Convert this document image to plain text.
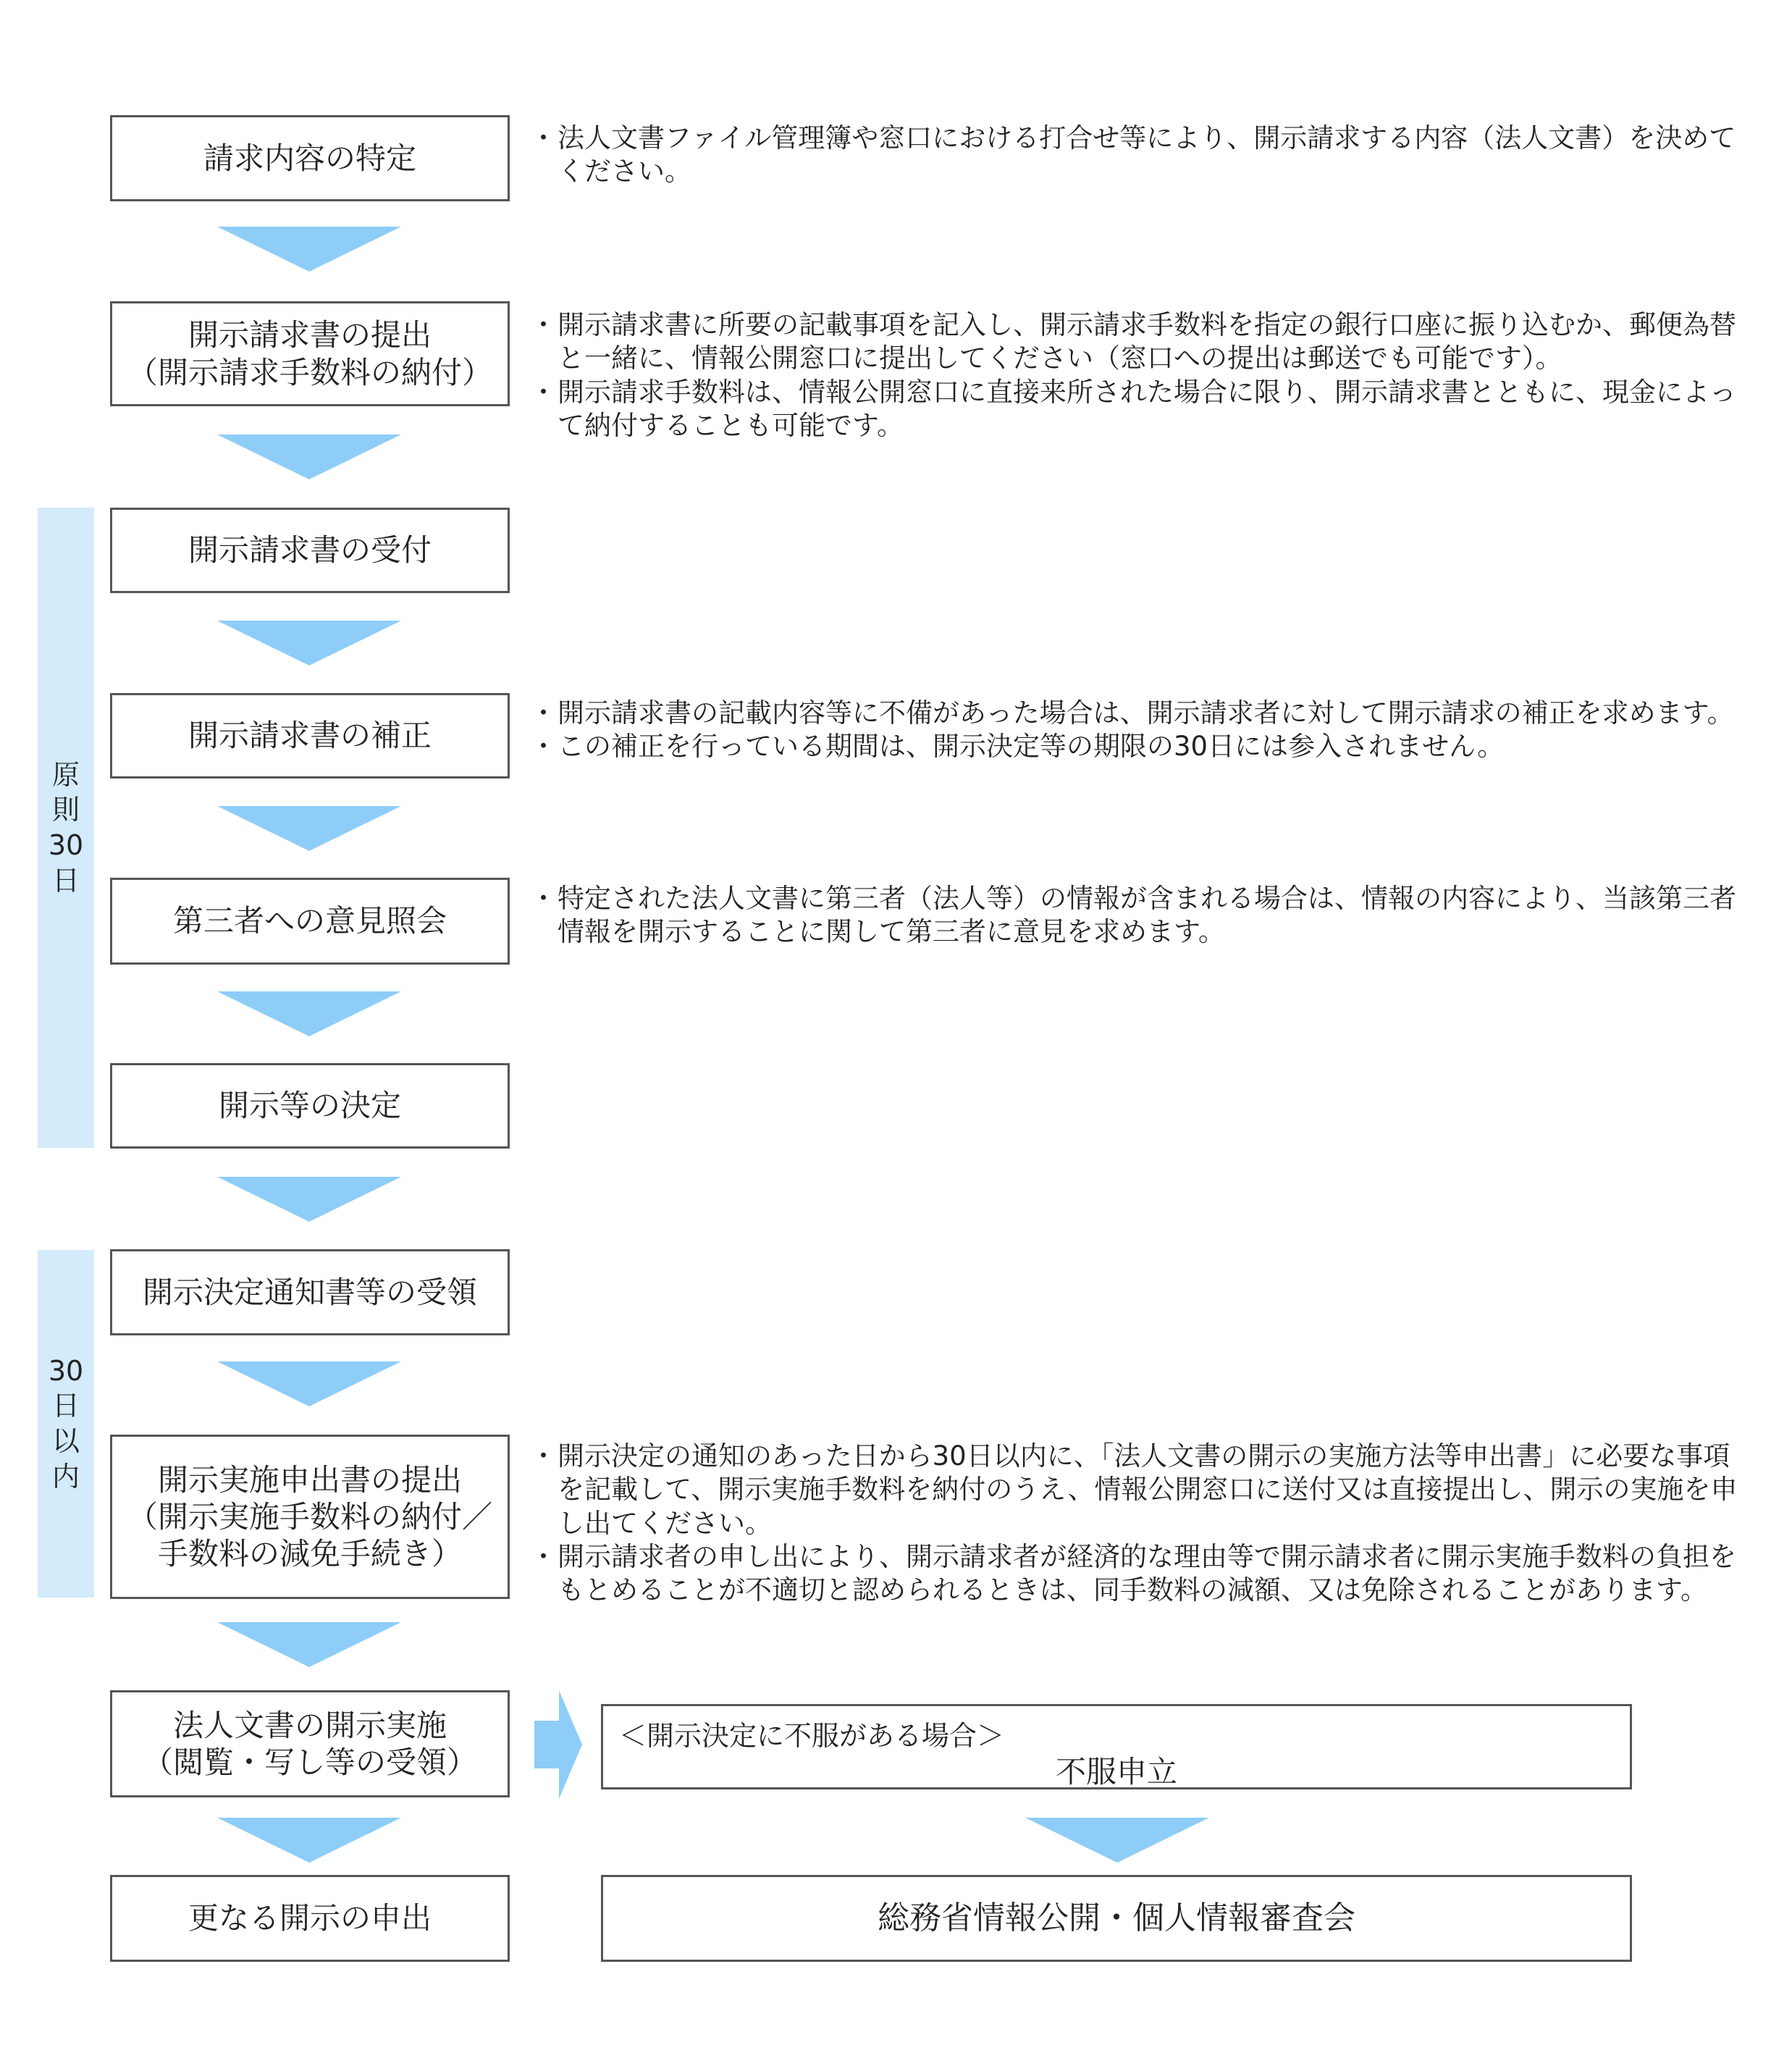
原
則
30
日
30
日
以
内
請求内容の特定
開示請求書の提出
（開示請求手数料の納付）
開示請求書の受付
開示請求書の補正
第三者への意見照会
開示等の決定
開示決定通知書等の受領
開示実施申出書の提出
（開示実施手数料の納付／
手数料の減免手続き）
法人文書の開示実施
（閲覧・写し等の受領）
更なる開示の申出
＜開示決定に不服がある場合＞
不服申立
総務省情報公開・個人情報審査会
・ 法人文書ファイル管理簿や窓口における打合せ等により、開示請求する内容（法人文書）を決めてください。
・ 開示請求書に所要の記載事項を記入し、開示請求手数料を指定の銀行口座に振り込むか、郵便為替と一緒に、情報公開窓口に提出してください（窓口への提出は郵送でも可能です）。
・ 開示請求手数料は、情報公開窓口に直接来所された場合に限り、開示請求書とともに、現金によって納付することも可能です。
・ 開示請求書の記載内容等に不備があった場合は、開示請求者に対して開示請求の補正を求めます。
・ この補正を行っている期間は、開示決定等の期限の30日には参入されません。
・ 特定された法人文書に第三者（法人等）の情報が含まれる場合は、情報の内容により、当該第三者情報を開示することに関して第三者に意見を求めます。
・ 開示決定の通知のあった日から30日以内に、「法人文書の開示の実施方法等申出書」に必要な事項を記載して、開示実施手数料を納付のうえ、情報公開窓口に送付又は直接提出し、開示の実施を申し出てください。
・ 開示請求者の申し出により、開示請求者が経済的な理由等で開示請求者に開示実施手数料の負担をもとめることが不適切と認められるときは、同手数料の減額、又は免除されることがあります。
